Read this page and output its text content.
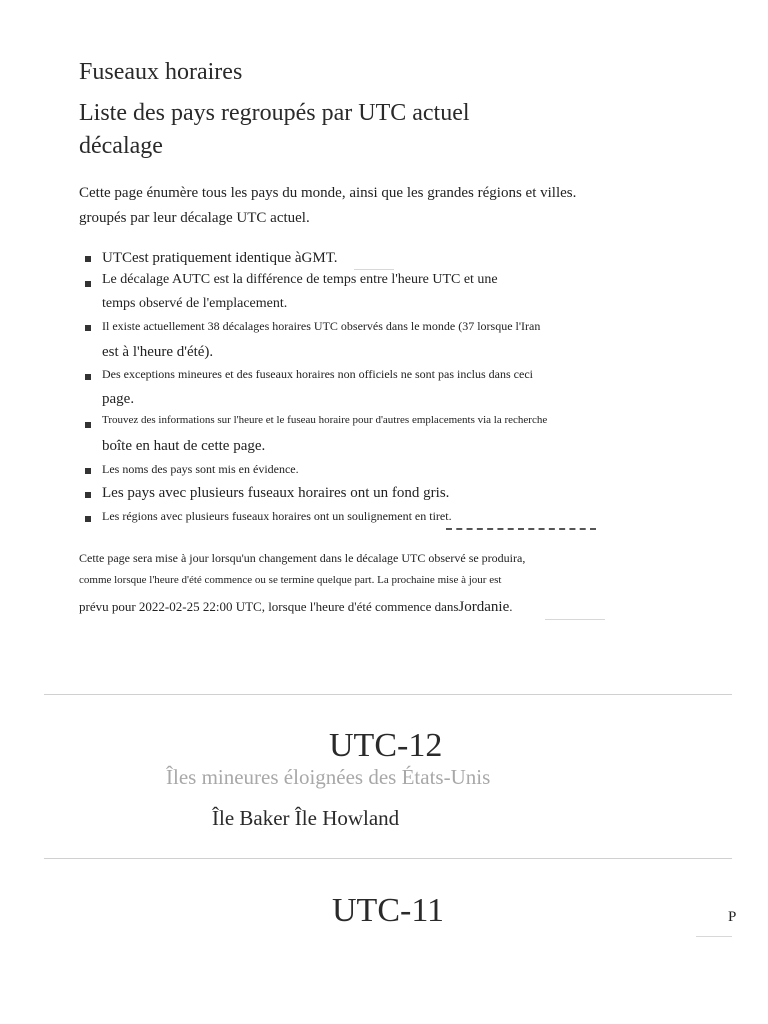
Fuseaux horaires
Liste des pays regroupés par UTC actuel décalage
Cette page énumère tous les pays du monde, ainsi que les grandes régions et villes. groupés par leur décalage UTC actuel.
UTCest pratiquement identique àGMT.
Le décalage AUTC est la différence de temps entre l'heure UTC et une
temps observé de l'emplacement.
Il existe actuellement 38 décalages horaires UTC observés dans le monde (37 lorsque l'Iran
est à l'heure d'été).
Des exceptions mineures et des fuseaux horaires non officiels ne sont pas inclus dans ceci
page.
Trouvez des informations sur l'heure et le fuseau horaire pour d'autres emplacements via la recherche
boîte en haut de cette page.
Les noms des pays sont mis en évidence.
Les pays avec plusieurs fuseaux horaires ont un fond gris.
Les régions avec plusieurs fuseaux horaires ont un soulignement en tiret.
Cette page sera mise à jour lorsqu'un changement dans le décalage UTC observé se produira,
comme lorsque l'heure d'été commence ou se termine quelque part. La prochaine mise à jour est
prévu pour 2022-02-25 22:00 UTC, lorsque l'heure d'été commence dansJordanie.
UTC-12
Îles mineures éloignées des États-Unis
Île Baker Île Howland
UTC-11	P
